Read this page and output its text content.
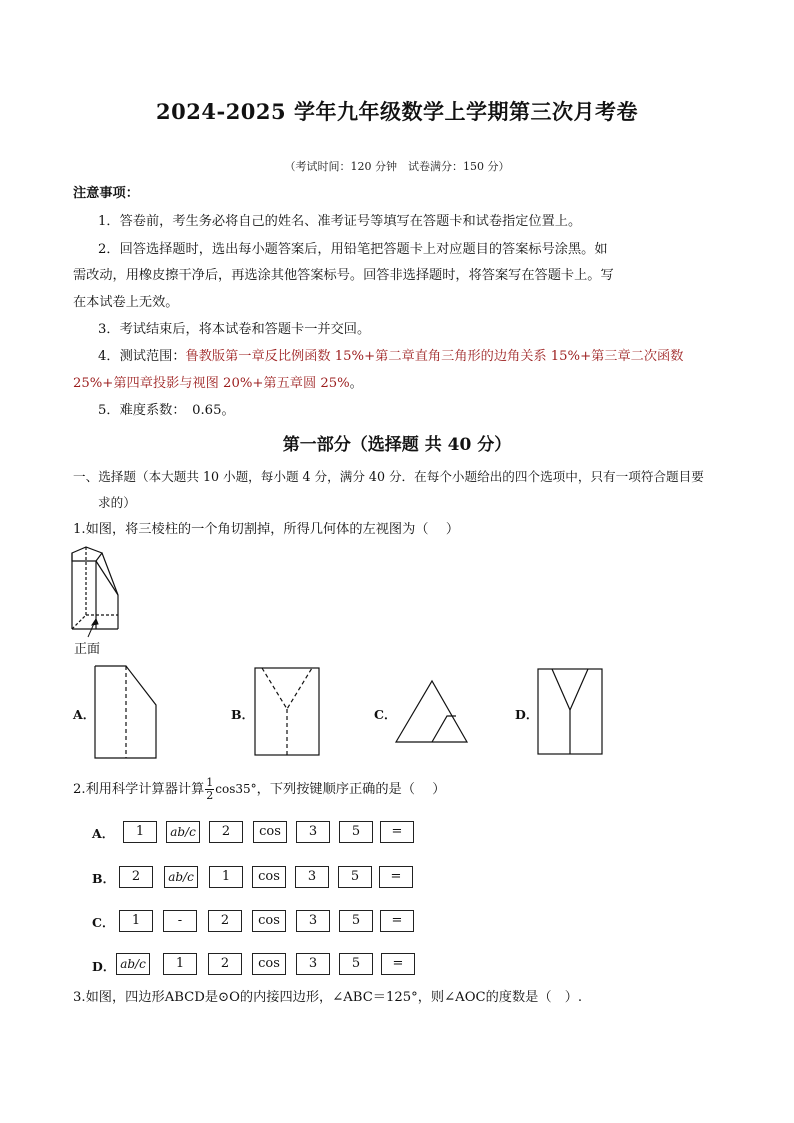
2024-2025 学年九年级数学上学期第三次月考卷
（考试时间：120 分钟　试卷满分：150 分）
注意事项：
1．答卷前，考生务必将自己的姓名、准考证号等填写在答题卡和试卷指定位置上。
2．回答选择题时，选出每小题答案后，用铅笔把答题卡上对应题目的答案标号涂黑。如
需改动，用橡皮擦干净后，再选涂其他答案标号。回答非选择题时，将答案写在答题卡上。写
在本试卷上无效。
3．考试结束后，将本试卷和答题卡一并交回。
4．测试范围：鲁教版第一章反比例函数 15%+第二章直角三角形的边角关系 15%+第三章二次函数
25%+第四章投影与视图 20%+第五章圆 25%。
5．难度系数：　0.65。
第一部分（选择题 共 40 分）
一、选择题（本大题共 10 小题，每小题 4 分，满分 40 分．在每个小题给出的四个选项中，只有一项符合题目要
求的）
1.如图，将三棱柱的一个角切割掉，所得几何体的左视图为（　 ）
正面
A．	B．	C．	D．
2.利用科学计算器计算 $\frac{1}{2} \cos 35^\circ$，下列按键顺序正确的是（　 ）
A．	1	ab/c	2	cos	3	5	=
B．	2	ab/c	1	cos	3	5	=
C．	1	-	2	cos	3	5	=
D． ab/c	1	2	cos	3	5	=
3.如图，四边形ABCD是⊙O的内接四边形，∠ABC＝125°，则∠AOC的度数是（　）.
